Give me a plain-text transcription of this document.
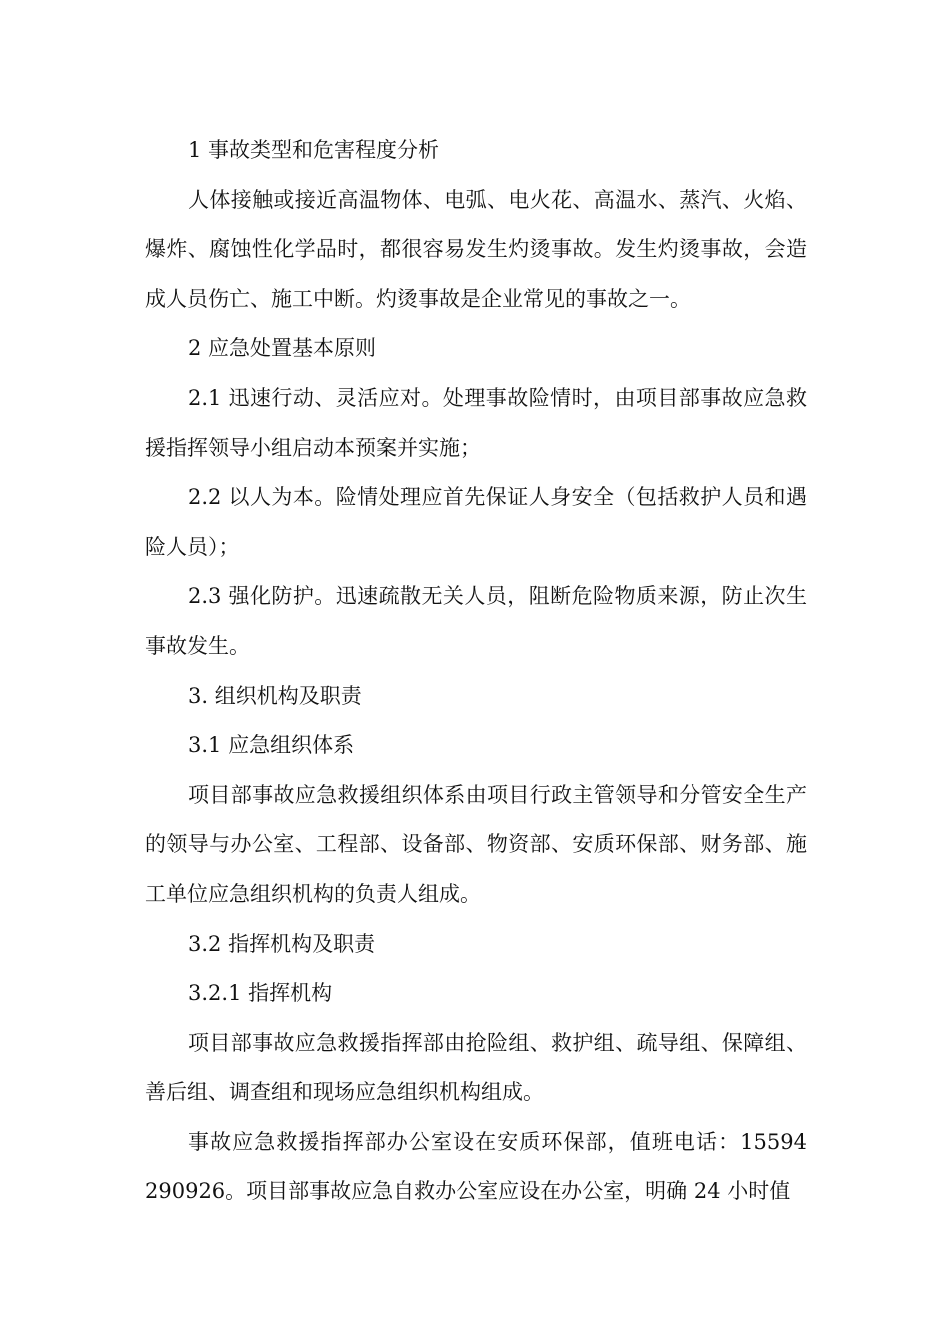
1 事故类型和危害程度分析

人体接触或接近高温物体、电弧、电火花、高温水、蒸汽、火焰、爆炸、腐蚀性化学品时，都很容易发生灼烫事故。发生灼烫事故，会造成人员伤亡、施工中断。灼烫事故是企业常见的事故之一。

2 应急处置基本原则

2.1 迅速行动、灵活应对。处理事故险情时，由项目部事故应急救援指挥领导小组启动本预案并实施；

2.2 以人为本。险情处理应首先保证人身安全（包括救护人员和遇险人员）；

2.3 强化防护。迅速疏散无关人员，阻断危险物质来源，防止次生事故发生。

3. 组织机构及职责

3.1 应急组织体系

项目部事故应急救援组织体系由项目行政主管领导和分管安全生产的领导与办公室、工程部、设备部、物资部、安质环保部、财务部、施工单位应急组织机构的负责人组成。

3.2 指挥机构及职责

3.2.1 指挥机构

项目部事故应急救援指挥部由抢险组、救护组、疏导组、保障组、善后组、调查组和现场应急组织机构组成。

事故应急救援指挥部办公室设在安质环保部，值班电话：15594 290926。项目部事故应急自救办公室应设在办公室，明确 24 小时值
